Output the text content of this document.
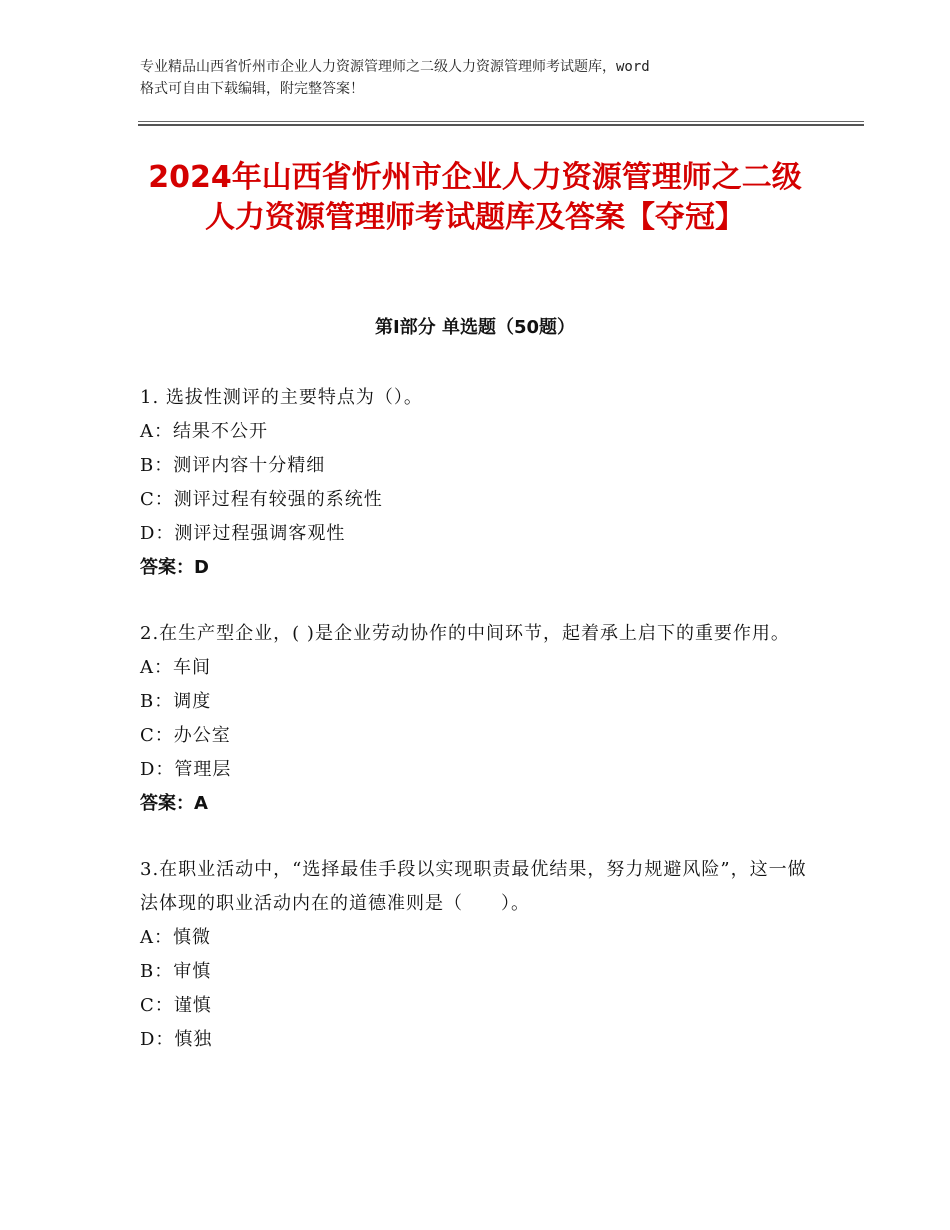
专业精品山西省忻州市企业人力资源管理师之二级人力资源管理师考试题库，word
格式可自由下载编辑，附完整答案！
2024年山西省忻州市企业人力资源管理师之二级人力资源管理师考试题库及答案【夺冠】
第Ⅰ部分 单选题（50题）

1. 选拔性测评的主要特点为（）。

A：结果不公开

B：测评内容十分精细

C：测评过程有较强的系统性

D：测评过程强调客观性

答案：D

2.在生产型企业，( )是企业劳动协作的中间环节，起着承上启下的重要作用。

A：车间

B：调度

C：办公室

D：管理层

答案：A

3.在职业活动中，“选择最佳手段以实现职责最优结果，努力规避风险”，这一做法体现的职业活动内在的道德准则是（　　）。

A：慎微

B：审慎

C：谨慎

D：慎独
